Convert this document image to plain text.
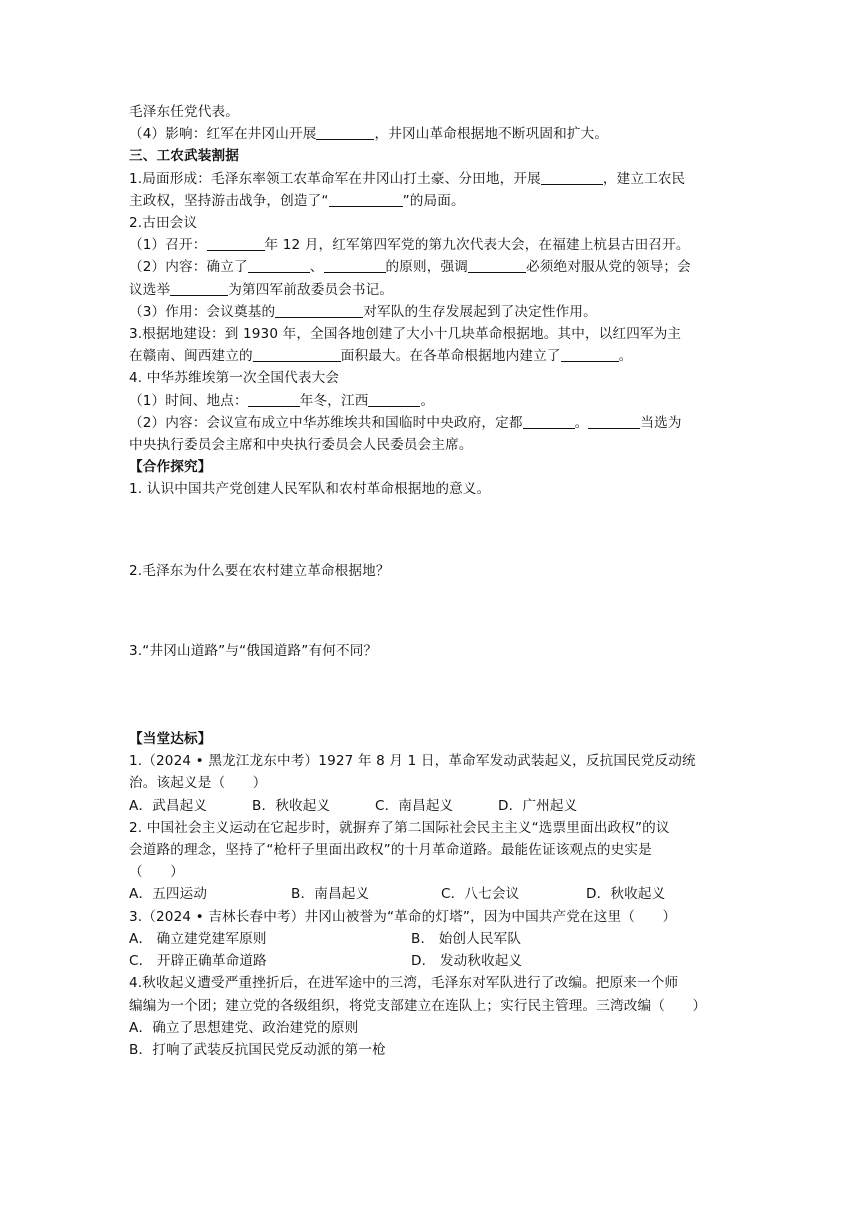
毛泽东任党代表。
（4）影响：红军在井冈山开展	，井冈山革命根据地不断巩固和扩大。
三、工农武装割据
1.局面形成：毛泽东率领工农革命军在井冈山打土豪、分田地，开展	，建立工农民
主政权，坚持游击战争，创造了“	”的局面。
2.古田会议
（1）召开：	年 12 月，红军第四军党的第九次代表大会，在福建上杭县古田召开。
（2）内容：确立了	、	的原则，强调	必须绝对服从党的领导；会
议选举	为第四军前敌委员会书记。
（3）作用：会议奠基的	对军队的生存发展起到了决定性作用。
3.根据地建设：到 1930 年，全国各地创建了大小十几块革命根据地。其中，以红四军为主
在赣南、闽西建立的	面积最大。在各革命根据地内建立了	。
4. 中华苏维埃第一次全国代表大会
（1）时间、地点：	年冬，江西	。
（2）内容：会议宣布成立中华苏维埃共和国临时中央政府，定都	。	当选为
中央执行委员会主席和中央执行委员会人民委员会主席。
【合作探究】
1. 认识中国共产党创建人民军队和农村革命根据地的意义。
2.毛泽东为什么要在农村建立革命根据地？
3.“井冈山道路”与“俄国道路”有何不同？
【当堂达标】
1.（2024 • 黑龙江龙东中考）1927 年 8 月 1 日，革命军发动武装起义，反抗国民党反动统
治。该起义是（　　）
A．武昌起义	B．秋收起义	C．南昌起义	D．广州起义
2. 中国社会主义运动在它起步时，就摒弃了第二国际社会民主主义“选票里面出政权”的议
会道路的理念，坚持了“枪杆子里面出政权”的十月革命道路。最能佐证该观点的史实是
（　　）
A．五四运动	B．南昌起义	C．八七会议	D．秋收起义
3.（2024 • 吉林长春中考）井冈山被誉为“革命的灯塔”，因为中国共产党在这里（　　）
A． 确立建党建军原则	B． 始创人民军队
C． 开辟正确革命道路	D． 发动秋收起义
4.秋收起义遭受严重挫折后，在进军途中的三湾，毛泽东对军队进行了改编。把原来一个师
编编为一个团；建立党的各级组织，将党支部建立在连队上；实行民主管理。三湾改编（　　）
A．确立了思想建党、政治建党的原则
B．打响了武装反抗国民党反动派的第一枪
